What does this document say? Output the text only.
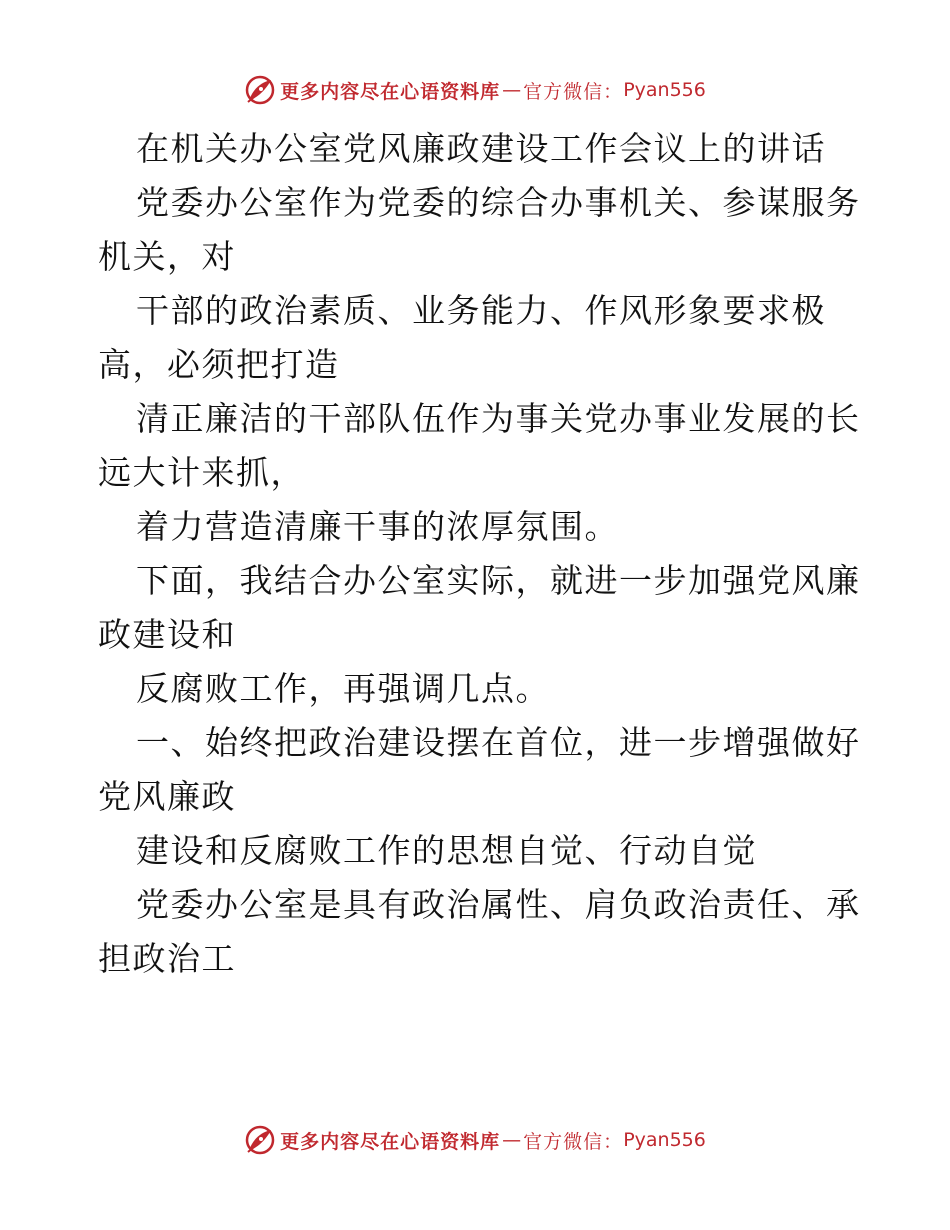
更多内容尽在心语资料库 — 官方微信： Pyan556
在机关办公室党风廉政建设工作会议上的讲话
党委办公室作为党委的综合办事机关、参谋服务
机关，对
干部的政治素质、业务能力、作风形象要求极
高，必须把打造
清正廉洁的干部队伍作为事关党办事业发展的长
远大计来抓，
着力营造清廉干事的浓厚氛围。
下面，我结合办公室实际，就进一步加强党风廉
政建设和
反腐败工作，再强调几点。
一、始终把政治建设摆在首位，进一步增强做好
党风廉政
建设和反腐败工作的思想自觉、行动自觉
党委办公室是具有政治属性、肩负政治责任、承
担政治工
更多内容尽在心语资料库 — 官方微信： Pyan556
